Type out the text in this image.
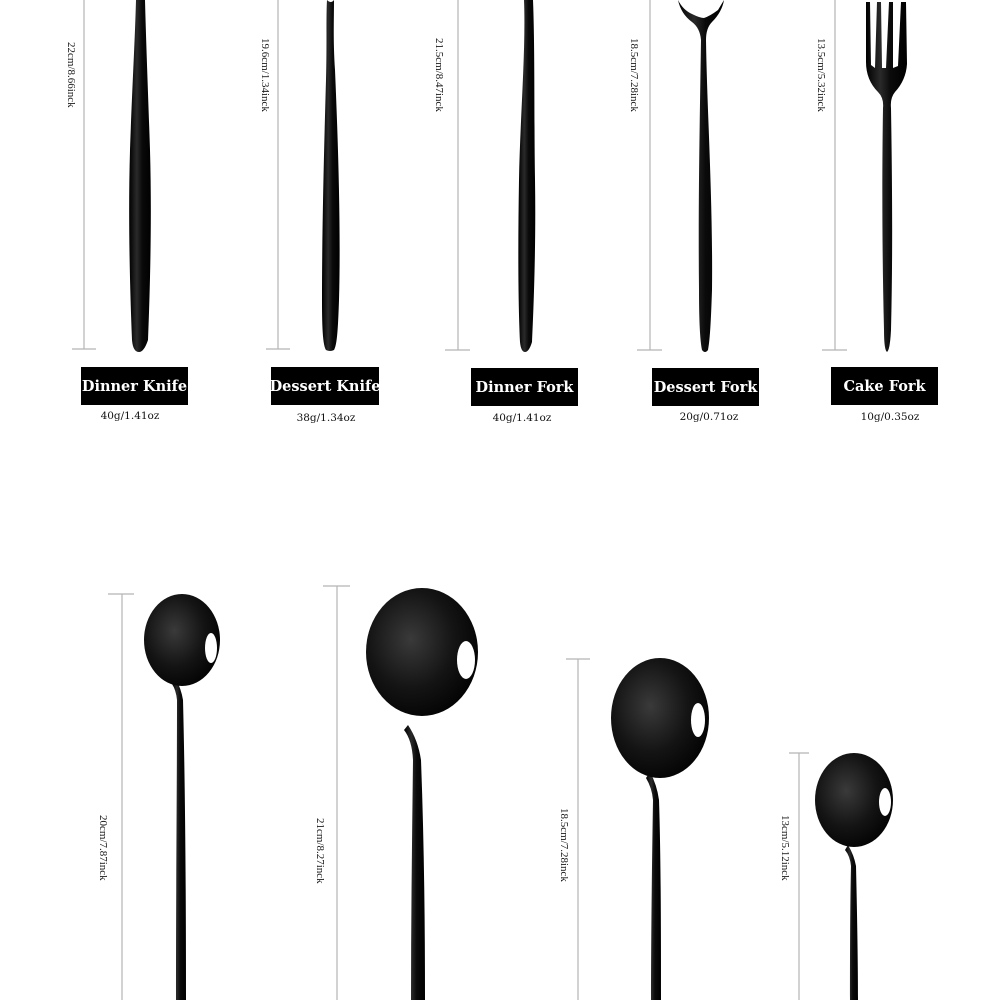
22cm/8.66inck	19.6cm/1.34inck	21.5cm/8.47inck	18.5cm/7.28inck	13.5cm/5.32inck
20cm/7.87inck	21cm/8.27inck	18.5cm/7.28inck	13cm/5.12inck
Dinner Knife	Dessert Knife	Dinner Fork	Dessert Fork	Cake Fork
40g/1.41oz	38g/1.34oz	40g/1.41oz	20g/0.71oz	10g/0.35oz
